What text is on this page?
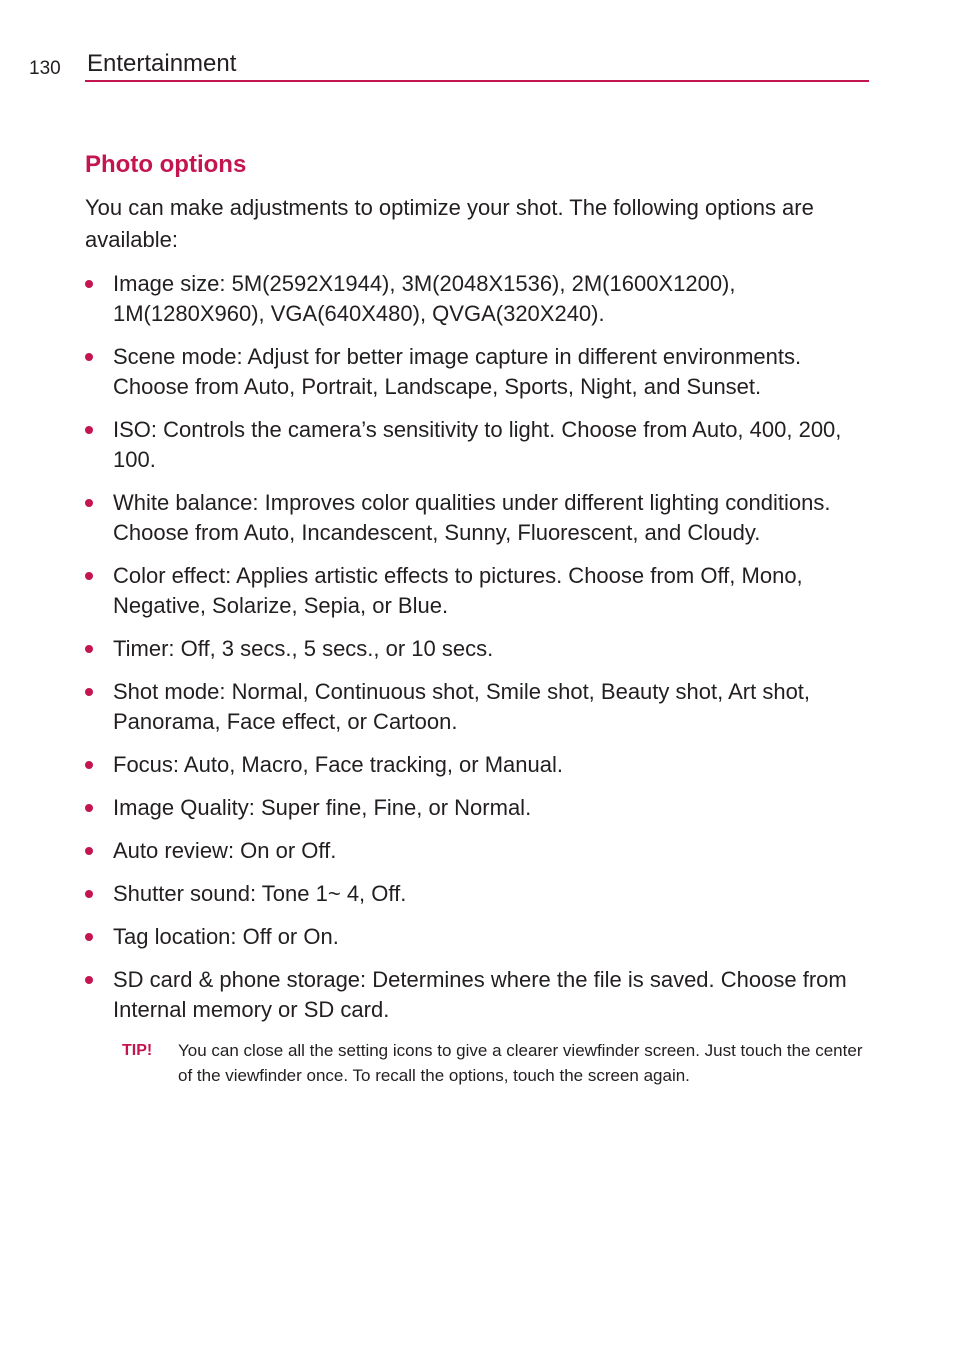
130 Entertainment
Photo options

You can make adjustments to optimize your shot. The following options are available:

Image size: 5M(2592X1944), 3M(2048X1536), 2M(1600X1200), 1M(1280X960), VGA(640X480), QVGA(320X240).
Scene mode: Adjust for better image capture in different environments. Choose from Auto, Portrait, Landscape, Sports, Night, and Sunset.
ISO: Controls the camera’s sensitivity to light. Choose from Auto, 400, 200, 100.
White balance: Improves color qualities under different lighting conditions. Choose from Auto, Incandescent, Sunny, Fluorescent, and Cloudy.
Color effect: Applies artistic effects to pictures. Choose from Off, Mono, Negative, Solarize, Sepia, or Blue.
Timer: Off, 3 secs., 5 secs., or 10 secs.
Shot mode: Normal, Continuous shot, Smile shot, Beauty shot, Art shot, Panorama, Face effect, or Cartoon.
Focus: Auto, Macro, Face tracking, or Manual.
Image Quality: Super fine, Fine, or Normal.
Auto review: On or Off.
Shutter sound: Tone 1~ 4, Off.
Tag location: Off or On.
SD card & phone storage: Determines where the file is saved. Choose from Internal memory or SD card.
TIP! You can close all the setting icons to give a clearer viewfinder screen. Just touch the center of the viewfinder once. To recall the options, touch the screen again.
